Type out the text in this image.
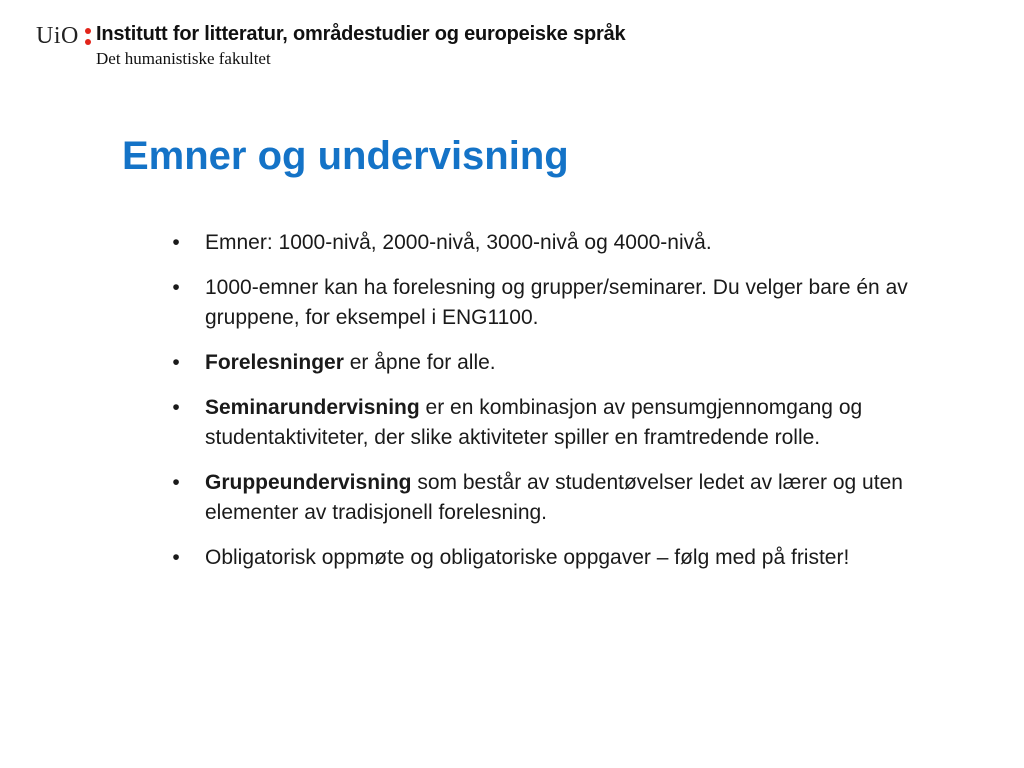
UiO Institutt for litteratur, områdestudier og europeiske språk
Det humanistiske fakultet
Emner og undervisning
•	Emner: 1000-nivå, 2000-nivå, 3000-nivå og 4000-nivå.
•	1000-emner kan ha forelesning og grupper/seminarer. Du velger bare én av gruppene, for eksempel i ENG1100.
•	Forelesninger er åpne for alle.
•	Seminarundervisning er en kombinasjon av pensumgjennomgang og studentaktiviteter, der slike aktiviteter spiller en framtredende rolle.
•	Gruppeundervisning som består av studentøvelser ledet av lærer og uten elementer av tradisjonell forelesning.
•	Obligatorisk oppmøte og obligatoriske oppgaver – følg med på frister!
